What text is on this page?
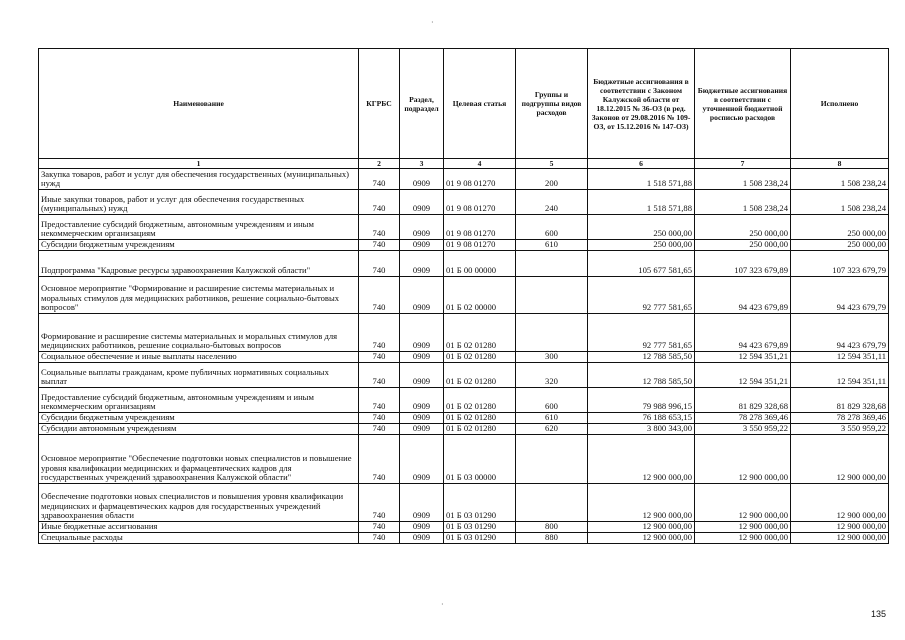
·
·
Наименование	КГРБС	Раздел, подраздел	Целевая статья	Группы и подгруппы видов расходов	Бюджетные ассигнования в соответствии с Законом Калужской области от 18.12.2015 № 36-ОЗ (в ред. Законов от 29.08.2016 № 109-ОЗ, от 15.12.2016 № 147-ОЗ)	Бюджетные ассигнования в соответствии с уточненной бюджетной росписью расходов	Исполнено
1	2	3	4	5	6	7	8
Закупка товаров, работ и услуг для обеспечения государственных (муниципальных) нужд	740	0909	01 9 08 01270	200	1 518 571,88	1 508 238,24	1 508 238,24
Иные закупки товаров, работ и услуг для обеспечения государственных (муниципальных) нужд	740	0909	01 9 08 01270	240	1 518 571,88	1 508 238,24	1 508 238,24
Предоставление субсидий бюджетным, автономным учреждениям и иным некоммерческим организациям	740	0909	01 9 08 01270	600	250 000,00	250 000,00	250 000,00
Субсидии бюджетным учреждениям	740	0909	01 9 08 01270	610	250 000,00	250 000,00	250 000,00
Подпрограмма "Кадровые ресурсы здравоохранения Калужской области"	740	0909	01 Б 00 00000		105 677 581,65	107 323 679,89	107 323 679,79
Основное мероприятие "Формирование и расширение системы материальных и моральных стимулов для медицинских работников, решение социально-бытовых вопросов"	740	0909	01 Б 02 00000		92 777 581,65	94 423 679,89	94 423 679,79
Формирование и расширение системы материальных и моральных стимулов для медицинских работников, решение социально-бытовых вопросов	740	0909	01 Б 02 01280		92 777 581,65	94 423 679,89	94 423 679,79
Социальное обеспечение и иные выплаты населению	740	0909	01 Б 02 01280	300	12 788 585,50	12 594 351,21	12 594 351,11
Социальные выплаты гражданам, кроме публичных нормативных социальных выплат	740	0909	01 Б 02 01280	320	12 788 585,50	12 594 351,21	12 594 351,11
Предоставление субсидий бюджетным, автономным учреждениям и иным некоммерческим организациям	740	0909	01 Б 02 01280	600	79 988 996,15	81 829 328,68	81 829 328,68
Субсидии бюджетным учреждениям	740	0909	01 Б 02 01280	610	76 188 653,15	78 278 369,46	78 278 369,46
Субсидии автономным учреждениям	740	0909	01 Б 02 01280	620	3 800 343,00	3 550 959,22	3 550 959,22
Основное мероприятие "Обеспечение подготовки новых специалистов и повышение уровня квалификации медицинских и фармацевтических кадров для государственных учреждений здравоохранения Калужской области"	740	0909	01 Б 03 00000		12 900 000,00	12 900 000,00	12 900 000,00
Обеспечение подготовки новых специалистов и повышения уровня квалификации медицинских и фармацевтических кадров для государственных учреждений здравоохранения области	740	0909	01 Б 03 01290		12 900 000,00	12 900 000,00	12 900 000,00
Иные бюджетные ассигнования	740	0909	01 Б 03 01290	800	12 900 000,00	12 900 000,00	12 900 000,00
Специальные расходы	740	0909	01 Б 03 01290	880	12 900 000,00	12 900 000,00	12 900 000,00
135
